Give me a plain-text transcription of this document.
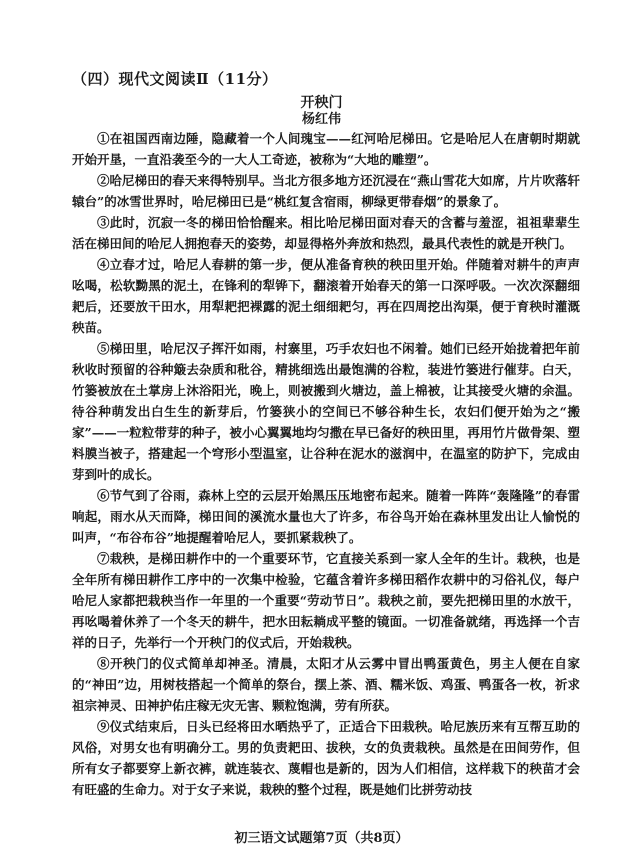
（四）现代文阅读Ⅱ（11分）
开秧门
杨红伟

①在祖国西南边陲，隐藏着一个人间瑰宝——红河哈尼梯田。它是哈尼人在唐朝时期就开始开垦，一直沿袭至今的一大人工奇迹，被称为“大地的雕塑”。

②哈尼梯田的春天来得特别早。当北方很多地方还沉浸在“燕山雪花大如席，片片吹落轩辕台”的冰雪世界时，哈尼梯田已是“桃红复含宿雨，柳绿更带春烟”的景象了。

③此时，沉寂一冬的梯田恰恰醒来。相比哈尼梯田面对春天的含蓄与羞涩，祖祖辈辈生活在梯田间的哈尼人拥抱春天的姿势，却显得格外奔放和热烈，最具代表性的就是开秧门。

④立春才过，哈尼人春耕的第一步，便从准备育秧的秧田里开始。伴随着对耕牛的声声吆喝，松软黝黑的泥土，在锋利的犁铧下，翻滚着开始春天的第一口深呼吸。一次次深翻细耙后，还要放干田水，用犁耙把裸露的泥土细细耙匀，再在四周挖出沟渠，便于育秧时灌溉秧苗。

⑤梯田里，哈尼汉子挥汗如雨，村寨里，巧手农妇也不闲着。她们已经开始拢着把年前秋收时预留的谷种簸去杂质和秕谷，精挑细选出最饱满的谷粒，装进竹篓进行催芽。白天，竹篓被放在土掌房上沐浴阳光，晚上，则被搬到火塘边，盖上棉被，让其接受火塘的余温。待谷种萌发出白生生的新芽后，竹篓狭小的空间已不够谷种生长，农妇们便开始为之“搬家”——一粒粒带芽的种子，被小心翼翼地均匀撒在早已备好的秧田里，再用竹片做骨架、塑料膜当被子，搭建起一个穹形小型温室，让谷种在泥水的滋润中，在温室的防护下，完成由芽到叶的成长。

⑥节气到了谷雨，森林上空的云层开始黑压压地密布起来。随着一阵阵“轰隆隆”的春雷响起，雨水从天而降，梯田间的溪流水量也大了许多，布谷鸟开始在森林里发出让人愉悦的叫声，“布谷布谷”地提醒着哈尼人，要抓紧栽秧了。

⑦栽秧，是梯田耕作中的一个重要环节，它直接关系到一家人全年的生计。栽秧，也是全年所有梯田耕作工序中的一次集中检验，它蕴含着许多梯田稻作农耕中的习俗礼仪，每户哈尼人家都把栽秧当作一年里的一个重要“劳动节日”。栽秧之前，要先把梯田里的水放干，再吆喝着休养了一个冬天的耕牛，把水田耘耥成平整的镜面。一切准备就绪，再选择一个吉祥的日子，先举行一个开秧门的仪式后，开始栽秧。

⑧开秧门的仪式简单却神圣。清晨，太阳才从云雾中冒出鸭蛋黄色，男主人便在自家的“神田”边，用树枝搭起一个简单的祭台，摆上茶、酒、糯米饭、鸡蛋、鸭蛋各一枚，祈求祖宗神灵、田神护佑庄稼无灾无害、颗粒饱满，劳有所获。

⑨仪式结束后，日头已经将田水晒热乎了，正适合下田栽秧。哈尼族历来有互帮互助的风俗，对男女也有明确分工。男的负责耙田、拔秧，女的负责栽秧。虽然是在田间劳作，但所有女子都要穿上新衣裤，就连装衣、蔑帽也是新的，因为人们相信，这样栽下的秧苗才会有旺盛的生命力。对于女子来说，栽秧的整个过程，既是她们比拼劳动技

初三语文试题第7页（共8页）
